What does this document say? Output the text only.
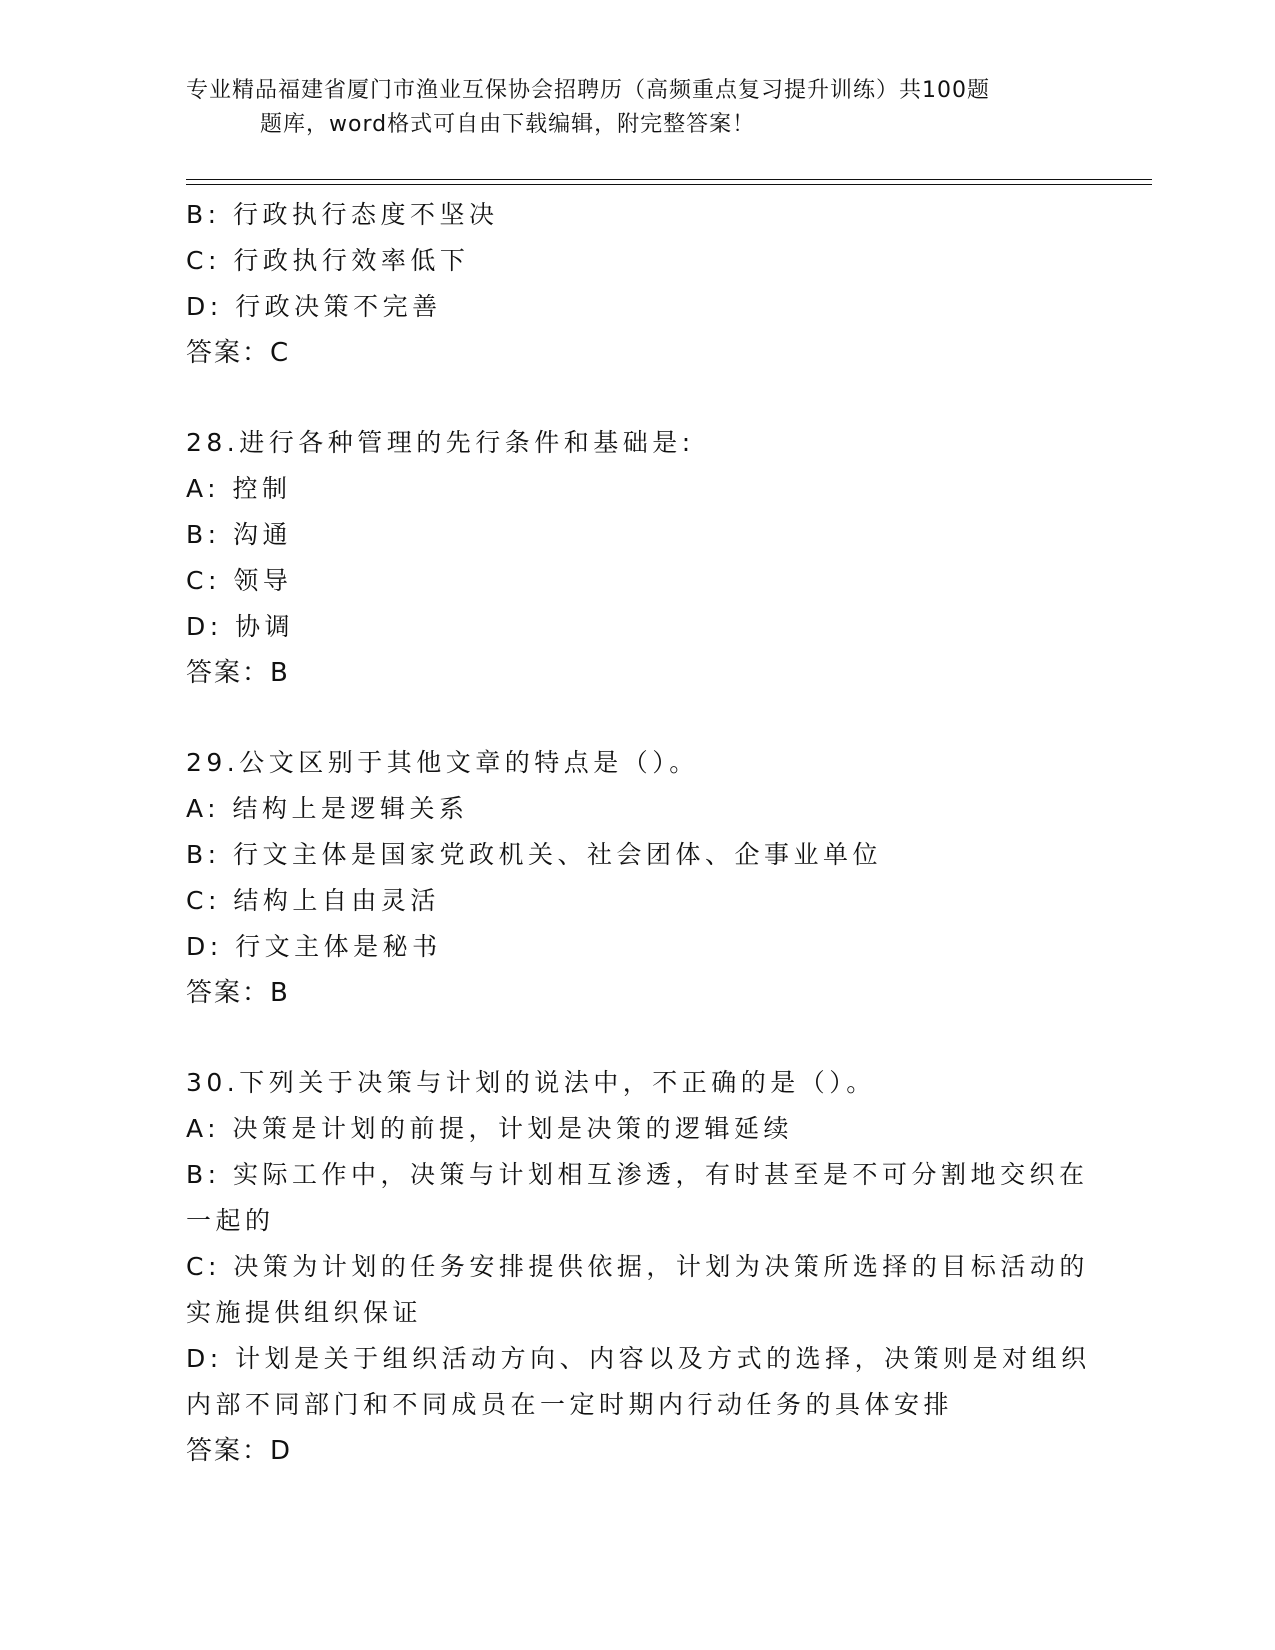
专业精品福建省厦门市渔业互保协会招聘历（高频重点复习提升训练）共100题
题库，word格式可自由下载编辑，附完整答案！
B: 行政执行态度不坚决
C: 行政执行效率低下
D: 行政决策不完善
答案：C
28.进行各种管理的先行条件和基础是:
A: 控制
B: 沟通
C: 领导
D: 协调
答案：B
29.公文区别于其他文章的特点是（）。
A: 结构上是逻辑关系
B: 行文主体是国家党政机关、社会团体、企事业单位
C: 结构上自由灵活
D: 行文主体是秘书
答案：B
30.下列关于决策与计划的说法中，不正确的是（）。
A: 决策是计划的前提，计划是决策的逻辑延续
B: 实际工作中，决策与计划相互渗透，有时甚至是不可分割地交织在
一起的
C: 决策为计划的任务安排提供依据，计划为决策所选择的目标活动的
实施提供组织保证
D: 计划是关于组织活动方向、内容以及方式的选择，决策则是对组织
内部不同部门和不同成员在一定时期内行动任务的具体安排
答案：D
